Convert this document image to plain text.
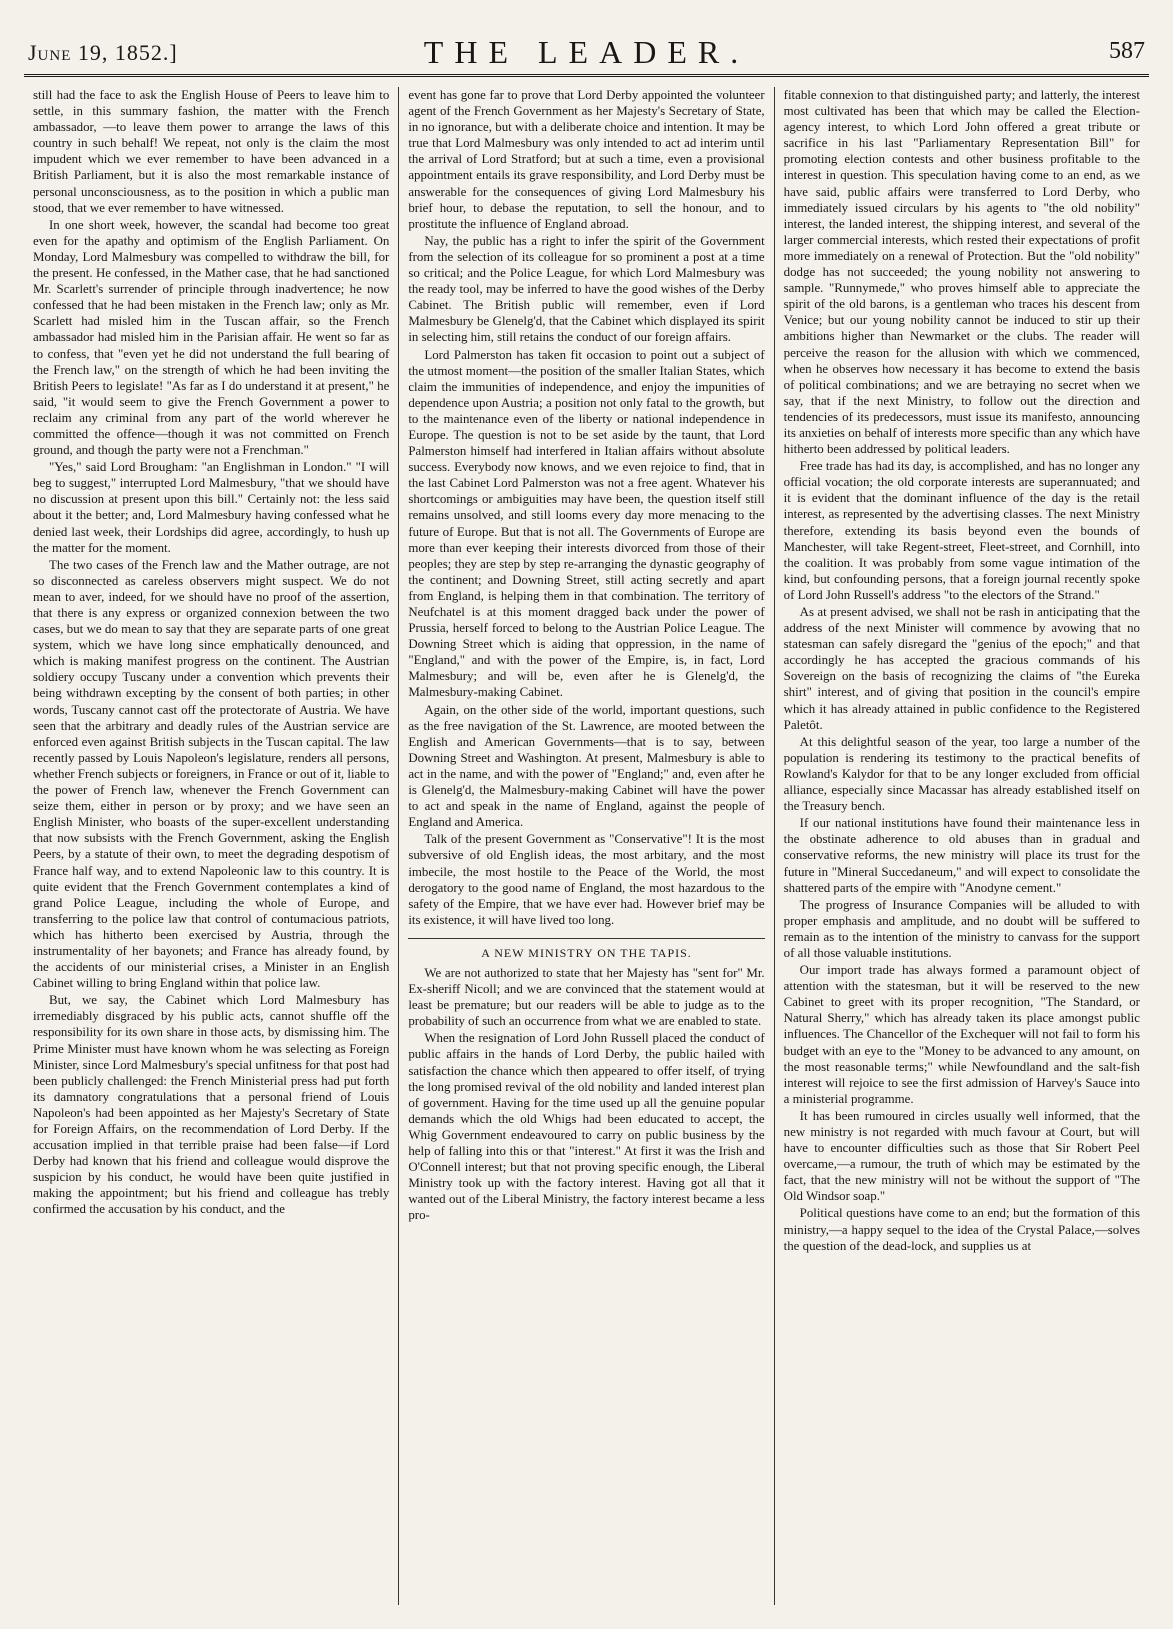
June 19, 1852.]	THE LEADER.	587

still had the face to ask the English House of Peers to leave him to settle, in this summary fashion, the matter with the French ambassador, —to leave them power to arrange the laws of this country in such behalf! We repeat, not only is the claim the most impudent which we ever remember to have been advanced in a British Parliament, but it is also the most remarkable instance of personal unconsciousness, as to the position in which a public man stood, that we ever remember to have witnessed.

In one short week, however, the scandal had become too great even for the apathy and optimism of the English Parliament. On Monday, Lord Malmesbury was compelled to withdraw the bill, for the present. He confessed, in the Mather case, that he had sanctioned Mr. Scarlett's surrender of principle through inadvertence; he now confessed that he had been mistaken in the French law; only as Mr. Scarlett had misled him in the Tuscan affair, so the French ambassador had misled him in the Parisian affair. He went so far as to confess, that "even yet he did not understand the full bearing of the French law," on the strength of which he had been inviting the British Peers to legislate! "As far as I do understand it at present," he said, "it would seem to give the French Government a power to reclaim any criminal from any part of the world wherever he committed the offence—though it was not committed on French ground, and though the party were not a Frenchman."

"Yes," said Lord Brougham: "an Englishman in London." "I will beg to suggest," interrupted Lord Malmesbury, "that we should have no discussion at present upon this bill." Certainly not: the less said about it the better; and, Lord Malmesbury having confessed what he denied last week, their Lordships did agree, accordingly, to hush up the matter for the moment.

The two cases of the French law and the Mather outrage, are not so disconnected as careless observers might suspect. We do not mean to aver, indeed, for we should have no proof of the assertion, that there is any express or organized connexion between the two cases, but we do mean to say that they are separate parts of one great system, which we have long since emphatically denounced, and which is making manifest progress on the continent. The Austrian soldiery occupy Tuscany under a convention which prevents their being withdrawn excepting by the consent of both parties; in other words, Tuscany cannot cast off the protectorate of Austria. We have seen that the arbitrary and deadly rules of the Austrian service are enforced even against British subjects in the Tuscan capital. The law recently passed by Louis Napoleon's legislature, renders all persons, whether French subjects or foreigners, in France or out of it, liable to the power of French law, whenever the French Government can seize them, either in person or by proxy; and we have seen an English Minister, who boasts of the super-excellent understanding that now subsists with the French Government, asking the English Peers, by a statute of their own, to meet the degrading despotism of France half way, and to extend Napoleonic law to this country. It is quite evident that the French Government contemplates a kind of grand Police League, including the whole of Europe, and transferring to the police law that control of contumacious patriots, which has hitherto been exercised by Austria, through the instrumentality of her bayonets; and France has already found, by the accidents of our ministerial crises, a Minister in an English Cabinet willing to bring England within that police law.

But, we say, the Cabinet which Lord Malmesbury has irremediably disgraced by his public acts, cannot shuffle off the responsibility for its own share in those acts, by dismissing him. The Prime Minister must have known whom he was selecting as Foreign Minister, since Lord Malmesbury's special unfitness for that post had been publicly challenged: the French Ministerial press had put forth its damnatory congratulations that a personal friend of Louis Napoleon's had been appointed as her Majesty's Secretary of State for Foreign Affairs, on the recommendation of Lord Derby. If the accusation implied in that terrible praise had been false—if Lord Derby had known that his friend and colleague would disprove the suspicion by his conduct, he would have been quite justified in making the appointment; but his friend and colleague has trebly confirmed the accusation by his conduct, and the

event has gone far to prove that Lord Derby appointed the volunteer agent of the French Government as her Majesty's Secretary of State, in no ignorance, but with a deliberate choice and intention. It may be true that Lord Malmesbury was only intended to act ad interim until the arrival of Lord Stratford; but at such a time, even a provisional appointment entails its grave responsibility, and Lord Derby must be answerable for the consequences of giving Lord Malmesbury his brief hour, to debase the reputation, to sell the honour, and to prostitute the influence of England abroad.

Nay, the public has a right to infer the spirit of the Government from the selection of its colleague for so prominent a post at a time so critical; and the Police League, for which Lord Malmesbury was the ready tool, may be inferred to have the good wishes of the Derby Cabinet. The British public will remember, even if Lord Malmesbury be Glenelg'd, that the Cabinet which displayed its spirit in selecting him, still retains the conduct of our foreign affairs.

Lord Palmerston has taken fit occasion to point out a subject of the utmost moment—the position of the smaller Italian States, which claim the immunities of independence, and enjoy the impunities of dependence upon Austria; a position not only fatal to the growth, but to the maintenance even of the liberty or national independence in Europe. The question is not to be set aside by the taunt, that Lord Palmerston himself had interfered in Italian affairs without absolute success. Everybody now knows, and we even rejoice to find, that in the last Cabinet Lord Palmerston was not a free agent. Whatever his shortcomings or ambiguities may have been, the question itself still remains unsolved, and still looms every day more menacing to the future of Europe. But that is not all. The Governments of Europe are more than ever keeping their interests divorced from those of their peoples; they are step by step re-arranging the dynastic geography of the continent; and Downing Street, still acting secretly and apart from England, is helping them in that combination. The territory of Neufchatel is at this moment dragged back under the power of Prussia, herself forced to belong to the Austrian Police League. The Downing Street which is aiding that oppression, in the name of "England," and with the power of the Empire, is, in fact, Lord Malmesbury; and will be, even after he is Glenelg'd, the Malmesbury-making Cabinet.

Again, on the other side of the world, important questions, such as the free navigation of the St. Lawrence, are mooted between the English and American Governments—that is to say, between Downing Street and Washington. At present, Malmesbury is able to act in the name, and with the power of "England;" and, even after he is Glenelg'd, the Malmesbury-making Cabinet will have the power to act and speak in the name of England, against the people of England and America.

Talk of the present Government as "Conservative"! It is the most subversive of old English ideas, the most arbitary, and the most imbecile, the most hostile to the Peace of the World, the most derogatory to the good name of England, the most hazardous to the safety of the Empire, that we have ever had. However brief may be its existence, it will have lived too long.

A NEW MINISTRY ON THE TAPIS.

We are not authorized to state that her Majesty has "sent for" Mr. Ex-sheriff Nicoll; and we are convinced that the statement would at least be premature; but our readers will be able to judge as to the probability of such an occurrence from what we are enabled to state.

When the resignation of Lord John Russell placed the conduct of public affairs in the hands of Lord Derby, the public hailed with satisfaction the chance which then appeared to offer itself, of trying the long promised revival of the old nobility and landed interest plan of government. Having for the time used up all the genuine popular demands which the old Whigs had been educated to accept, the Whig Government endeavoured to carry on public business by the help of falling into this or that "interest." At first it was the Irish and O'Connell interest; but that not proving specific enough, the Liberal Ministry took up with the factory interest. Having got all that it wanted out of the Liberal Ministry, the factory interest became a less pro-

fitable connexion to that distinguished party; and latterly, the interest most cultivated has been that which may be called the Election-agency interest, to which Lord John offered a great tribute or sacrifice in his last "Parliamentary Representation Bill" for promoting election contests and other business profitable to the interest in question. This speculation having come to an end, as we have said, public affairs were transferred to Lord Derby, who immediately issued circulars by his agents to "the old nobility" interest, the landed interest, the shipping interest, and several of the larger commercial interests, which rested their expectations of profit more immediately on a renewal of Protection. But the "old nobility" dodge has not succeeded; the young nobility not answering to sample. "Runnymede," who proves himself able to appreciate the spirit of the old barons, is a gentleman who traces his descent from Venice; but our young nobility cannot be induced to stir up their ambitions higher than Newmarket or the clubs. The reader will perceive the reason for the allusion with which we commenced, when he observes how necessary it has become to extend the basis of political combinations; and we are betraying no secret when we say, that if the next Ministry, to follow out the direction and tendencies of its predecessors, must issue its manifesto, announcing its anxieties on behalf of interests more specific than any which have hitherto been addressed by political leaders.

Free trade has had its day, is accomplished, and has no longer any official vocation; the old corporate interests are superannuated; and it is evident that the dominant influence of the day is the retail interest, as represented by the advertising classes. The next Ministry therefore, extending its basis beyond even the bounds of Manchester, will take Regent-street, Fleet-street, and Cornhill, into the coalition. It was probably from some vague intimation of the kind, but confounding persons, that a foreign journal recently spoke of Lord John Russell's address "to the electors of the Strand."

As at present advised, we shall not be rash in anticipating that the address of the next Minister will commence by avowing that no statesman can safely disregard the "genius of the epoch;" and that accordingly he has accepted the gracious commands of his Sovereign on the basis of recognizing the claims of "the Eureka shirt" interest, and of giving that position in the council's empire which it has already attained in public confidence to the Registered Paletôt.

At this delightful season of the year, too large a number of the population is rendering its testimony to the practical benefits of Rowland's Kalydor for that to be any longer excluded from official alliance, especially since Macassar has already established itself on the Treasury bench.

If our national institutions have found their maintenance less in the obstinate adherence to old abuses than in gradual and conservative reforms, the new ministry will place its trust for the future in "Mineral Succedaneum," and will expect to consolidate the shattered parts of the empire with "Anodyne cement."

The progress of Insurance Companies will be alluded to with proper emphasis and amplitude, and no doubt will be suffered to remain as to the intention of the ministry to canvass for the support of all those valuable institutions.

Our import trade has always formed a paramount object of attention with the statesman, but it will be reserved to the new Cabinet to greet with its proper recognition, "The Standard, or Natural Sherry," which has already taken its place amongst public influences. The Chancellor of the Exchequer will not fail to form his budget with an eye to the "Money to be advanced to any amount, on the most reasonable terms;" while Newfoundland and the salt-fish interest will rejoice to see the first admission of Harvey's Sauce into a ministerial programme.

It has been rumoured in circles usually well informed, that the new ministry is not regarded with much favour at Court, but will have to encounter difficulties such as those that Sir Robert Peel overcame,—a rumour, the truth of which may be estimated by the fact, that the new ministry will not be without the support of "The Old Windsor soap."

Political questions have come to an end; but the formation of this ministry,—a happy sequel to the idea of the Crystal Palace,—solves the question of the dead-lock, and supplies us at
